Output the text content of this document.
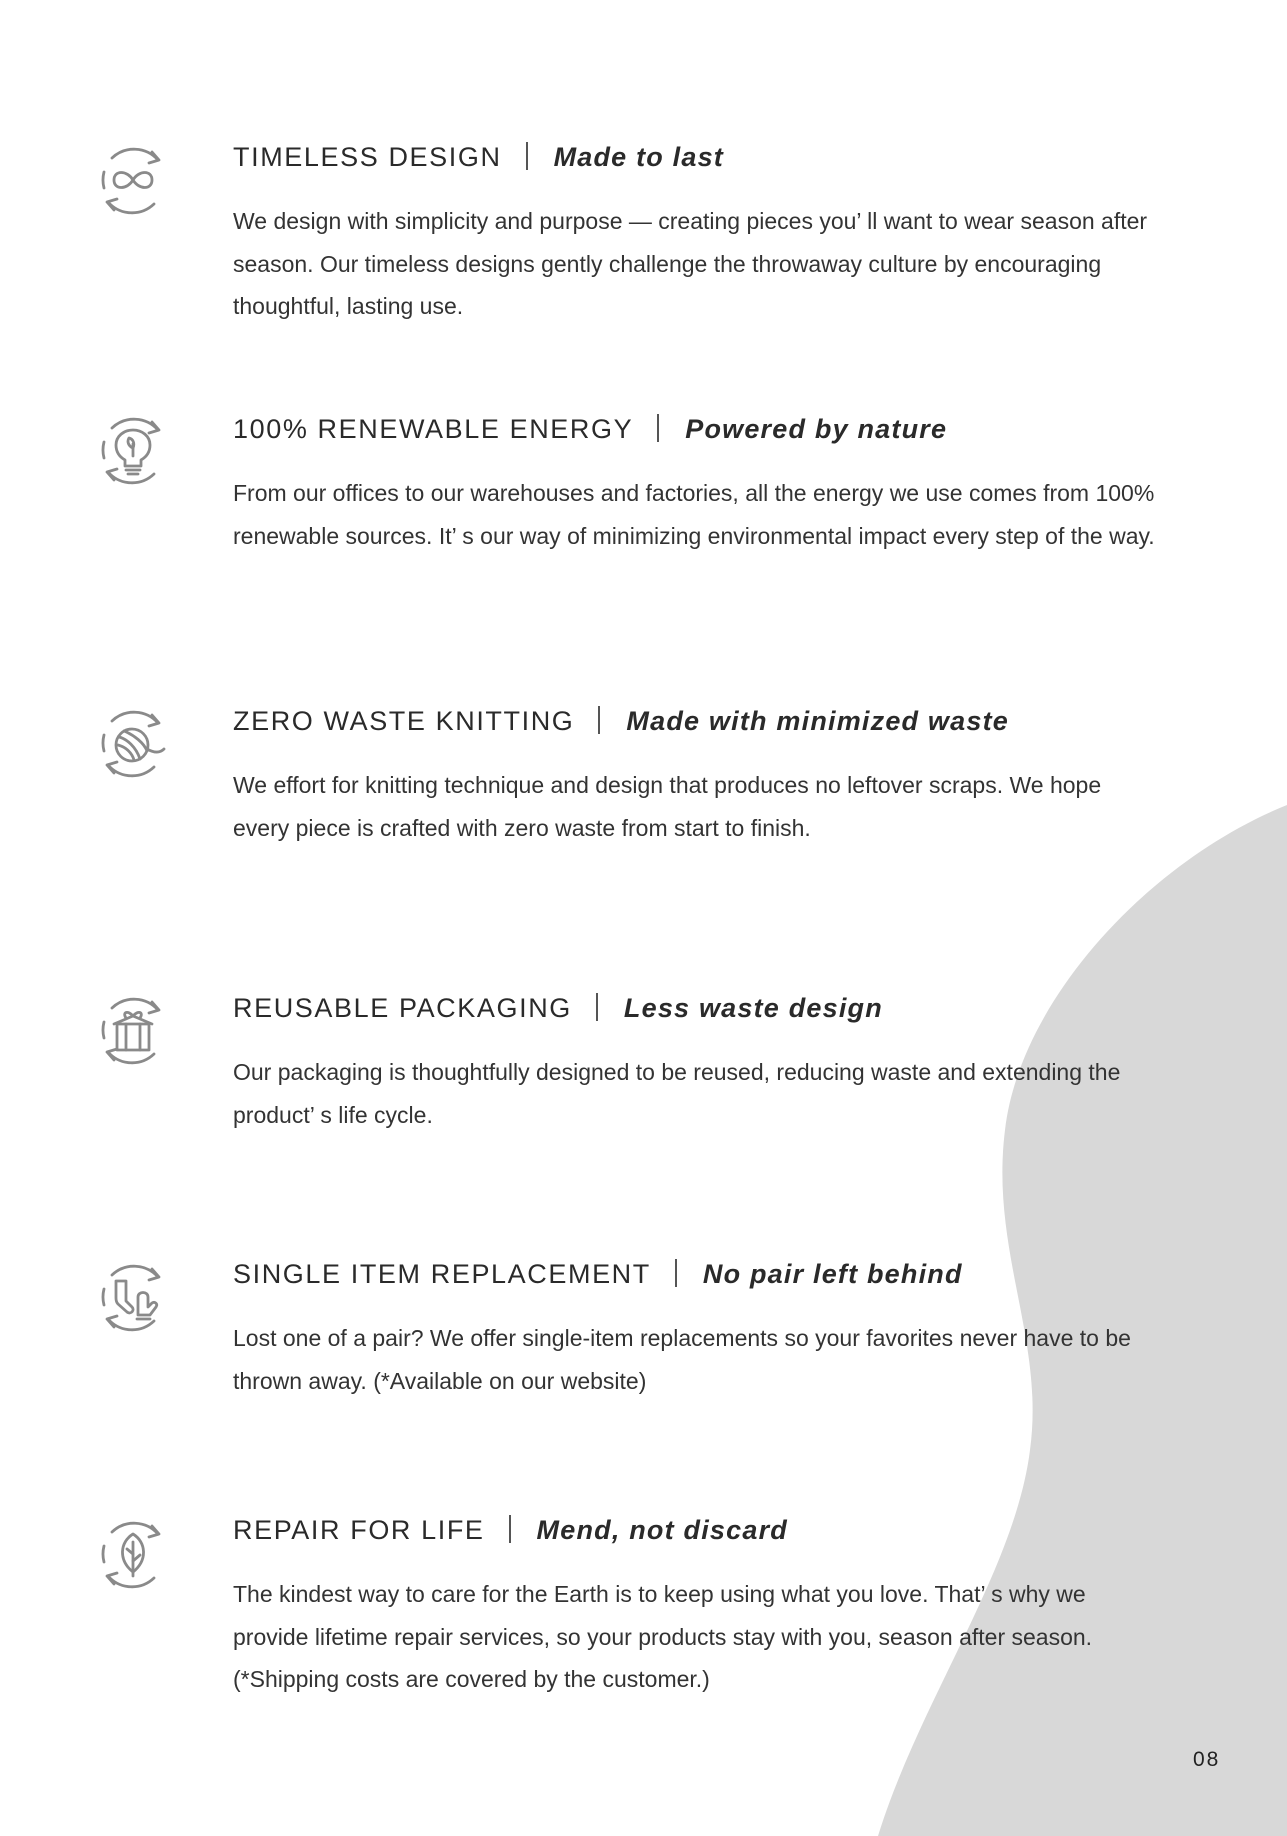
TIMELESS DESIGN Made to last
We design with simplicity and purpose — creating pieces you’ ll want to wear season after season. Our timeless designs gently challenge the throwaway culture by encouraging thoughtful, lasting use.
100% RENEWABLE ENERGY Powered by nature
From our offices to our warehouses and factories, all the energy we use comes from 100% renewable sources. It’ s our way of minimizing environmental impact every step of the way.
ZERO WASTE KNITTING Made with minimized waste
We effort for knitting technique and design that produces no leftover scraps. We hope every piece is crafted with zero waste from start to finish.
REUSABLE PACKAGING Less waste design
Our packaging is thoughtfully designed to be reused, reducing waste and extending the product’ s life cycle.
SINGLE ITEM REPLACEMENT No pair left behind
Lost one of a pair? We offer single-item replacements so your favorites never have to be thrown away. (*Available on our website)
REPAIR FOR LIFE Mend, not discard
The kindest way to care for the Earth is to keep using what you love. That’ s why we provide lifetime repair services, so your products stay with you, season after season. (*Shipping costs are covered by the customer.)
08
